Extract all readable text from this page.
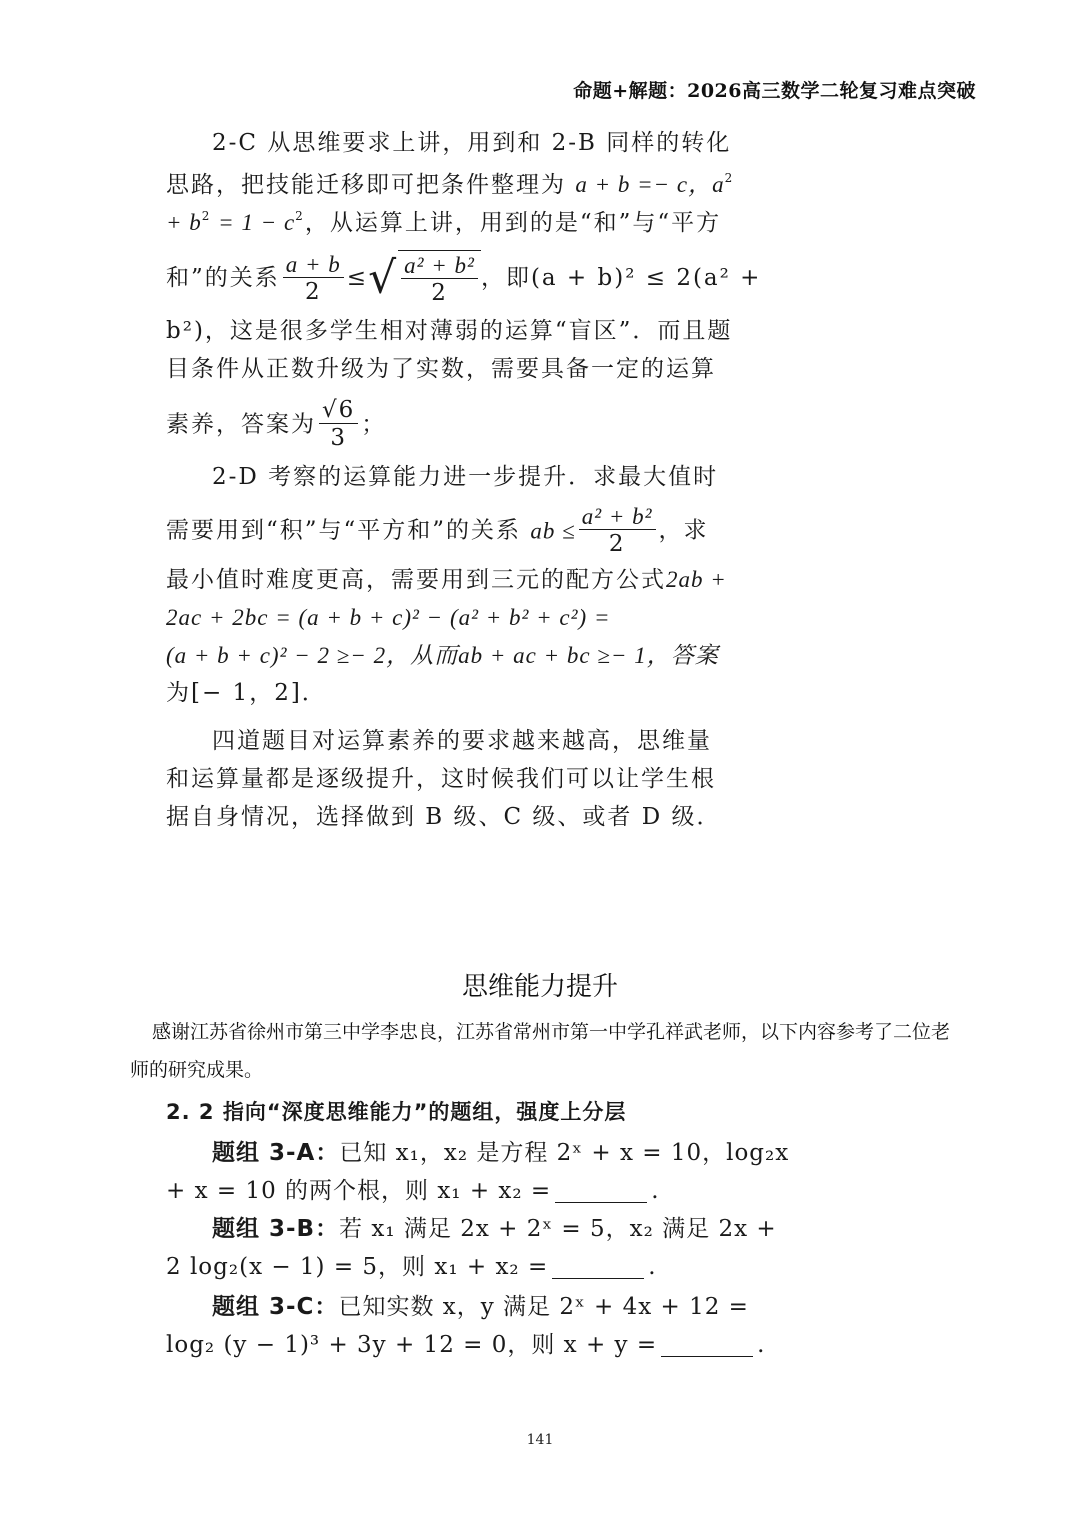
命题+解题：2026高三数学二轮复习难点突破
2-C 从思维要求上讲，用到和 2-B 同样的转化
思路，把技能迁移即可把条件整理为 a + b =− c，$a^2$
+ $b^2 = 1 - c^2$，从运算上讲，用到的是“和”与“平方
和”的关系 $\frac{a + b}{2}$ ≤√ $\frac{\text{a² + b²}}{2}$ ，即(a + b)² ≤ 2(a² +
b²)，这是很多学生相对薄弱的运算“盲区”．而且题
目条件从正数升级为了实数，需要具备一定的运算
素养，答案为 $\frac{√6}{3}$ ；
2-D 考察的运算能力进一步提升．求最大值时
需要用到“积”与“平方和”的关系 ab ≤ $\frac{\text{a² + b²}}{2}$ ，求
最小值时难度更高，需要用到三元的配方公式2ab +
2ac + 2bc = (a + b + c)² − (a² + b² + c²) =
(a + b + c)² − 2 ≥− 2，从而ab + ac + bc ≥− 1，答案
为[− 1，2]．
四道题目对运算素养的要求越来越高，思维量
和运算量都是逐级提升，这时候我们可以让学生根
据自身情况，选择做到 B 级、C 级、或者 D 级．
思维能力提升
感谢江苏省徐州市第三中学李忠良，江苏省常州市第一中学孔祥武老师，以下内容参考了二位老师的研究成果。
2. 2 指向“深度思维能力”的题组，强度上分层
题组 3-A：已知 x₁，x₂ 是方程 2ˣ + x = 10，log₂x
+ x = 10 的两个根，则 x₁ + x₂ =	.
题组 3-B：若 x₁ 满足 2x + 2ˣ = 5，x₂ 满足 2x +
2 log₂(x − 1) = 5，则 x₁ + x₂ =	.
题组 3-C：已知实数 x，y 满足 2ˣ + 4x + 12 =
log₂ (y − 1)³ + 3y + 12 = 0，则 x + y =	.
141
